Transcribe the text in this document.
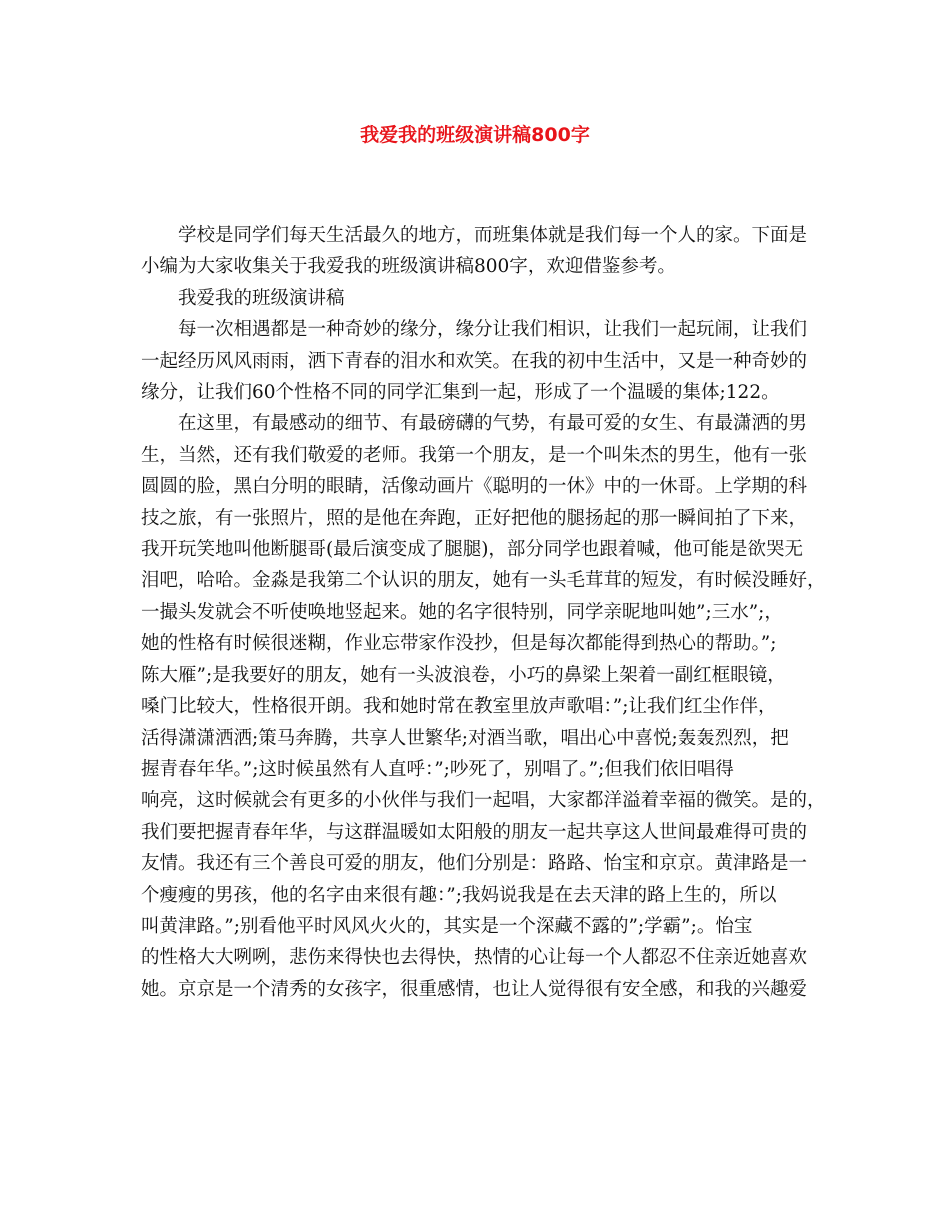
我爱我的班级演讲稿800字

学校是同学们每天生活最久的地方，而班集体就是我们每一个人的家。下面是
小编为大家收集关于我爱我的班级演讲稿800字，欢迎借鉴参考。

我爱我的班级演讲稿

每一次相遇都是一种奇妙的缘分，缘分让我们相识，让我们一起玩闹，让我们
一起经历风风雨雨，洒下青春的泪水和欢笑。在我的初中生活中，又是一种奇妙的
缘分，让我们60个性格不同的同学汇集到一起，形成了一个温暖的集体;122。

在这里，有最感动的细节、有最磅礴的气势，有最可爱的女生、有最潇洒的男
生，当然，还有我们敬爱的老师。我第一个朋友，是一个叫朱杰的男生，他有一张
圆圆的脸，黑白分明的眼睛，活像动画片《聪明的一休》中的一休哥。上学期的科
技之旅，有一张照片，照的是他在奔跑，正好把他的腿扬起的那一瞬间拍了下来，
我开玩笑地叫他断腿哥(最后演变成了腿腿)，部分同学也跟着喊，他可能是欲哭无
泪吧，哈哈。金淼是我第二个认识的朋友，她有一头毛茸茸的短发，有时候没睡好，
一撮头发就会不听使唤地竖起来。她的名字很特别，同学亲昵地叫她”;三水”;，
她的性格有时候很迷糊，作业忘带家作没抄，但是每次都能得到热心的帮助。”;
陈大雁”;是我要好的朋友，她有一头波浪卷，小巧的鼻梁上架着一副红框眼镜，
嗓门比较大，性格很开朗。我和她时常在教室里放声歌唱：”;让我们红尘作伴，
活得潇潇洒洒;策马奔腾，共享人世繁华;对酒当歌，唱出心中喜悦;轰轰烈烈，把
握青春年华。”;这时候虽然有人直呼：”;吵死了，别唱了。”;但我们依旧唱得
响亮，这时候就会有更多的小伙伴与我们一起唱，大家都洋溢着幸福的微笑。是的，
我们要把握青春年华，与这群温暖如太阳般的朋友一起共享这人世间最难得可贵的
友情。我还有三个善良可爱的朋友，他们分别是：路路、怡宝和京京。黄津路是一
个瘦瘦的男孩，他的名字由来很有趣：”;我妈说我是在去天津的路上生的，所以
叫黄津路。”;别看他平时风风火火的，其实是一个深藏不露的”;学霸”;。怡宝
的性格大大咧咧，悲伤来得快也去得快，热情的心让每一个人都忍不住亲近她喜欢
她。京京是一个清秀的女孩字，很重感情，也让人觉得很有安全感，和我的兴趣爱
